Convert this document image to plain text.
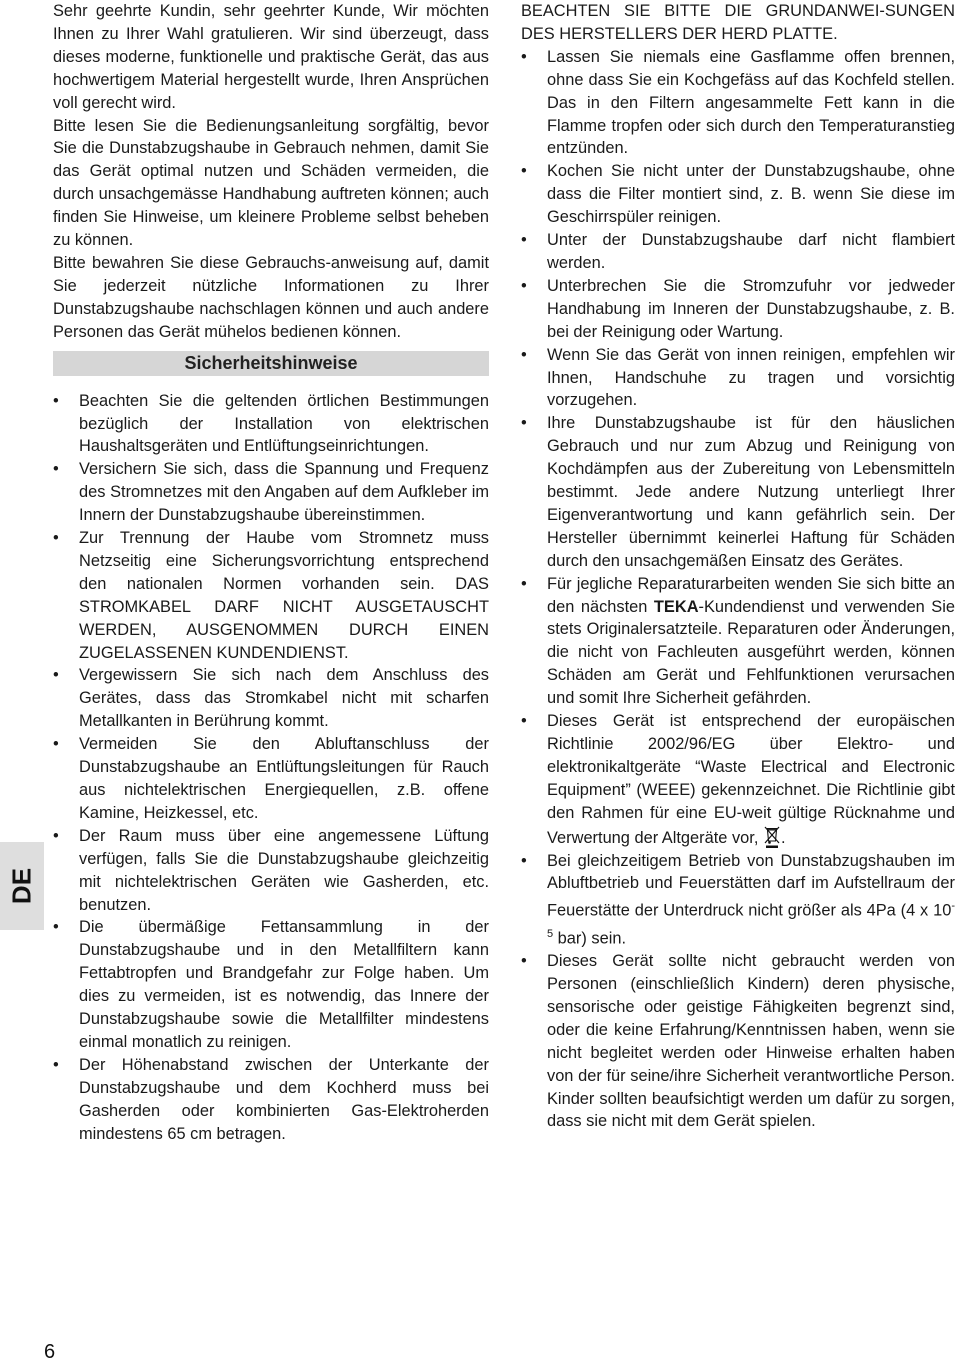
DE
6

Sehr geehrte Kundin, sehr geehrter Kunde, Wir möchten Ihnen zu Ihrer Wahl gratulieren. Wir sind überzeugt, dass dieses moderne, funktionelle und praktische Gerät, das aus hochwertigem Material hergestellt wurde, Ihren Ansprüchen voll gerecht wird.

Bitte lesen Sie die Bedienungsanleitung sorgfältig, bevor Sie die Dunstabzugshaube in Gebrauch nehmen, damit Sie das Gerät optimal nutzen und Schäden vermeiden, die durch unsachgemässe Handhabung auftreten können; auch finden Sie Hinweise, um kleinere Probleme selbst beheben zu können.

Bitte bewahren Sie diese Gebrauchs-anweisung auf, damit Sie jederzeit nützliche Informationen zu Ihrer Dunstabzugshaube nachschlagen können und auch andere Personen das Gerät mühelos bedienen können.

Sicherheitshinweise
• Beachten Sie die geltenden örtlichen Bestimmungen bezüglich der Installation von elektrischen Haushaltsgeräten und Entlüftungseinrichtungen.
• Versichern Sie sich, dass die Spannung und Frequenz des Stromnetzes mit den Angaben auf dem Aufkleber im Innern der Dunstabzugshaube übereinstimmen.
• Zur Trennung der Haube vom Stromnetz muss Netzseitig eine Sicherungsvorrichtung entsprechend den nationalen Normen vorhanden sein. DAS STROMKABEL DARF NICHT AUSGETAUSCHT WERDEN, AUSGENOMMEN DURCH EINEN ZUGELASSENEN KUNDENDIENST.
• Vergewissern Sie sich nach dem Anschluss des Gerätes, dass das Stromkabel nicht mit scharfen Metallkanten in Berührung kommt.
• Vermeiden Sie den Abluftanschluss der Dunstabzugshaube an Entlüftungsleitungen für Rauch aus nichtelektrischen Energiequellen, z.B. offene Kamine, Heizkessel, etc.
• Der Raum muss über eine angemessene Lüftung verfügen, falls Sie die Dunstabzugshaube gleichzeitig mit nichtelektrischen Geräten wie Gasherden, etc. benutzen.
• Die übermäßige Fettansammlung in der Dunstabzugshaube und in den Metallfiltern kann Fettabtropfen und Brandgefahr zur Folge haben. Um dies zu vermeiden, ist es notwendig, das Innere der Dunstabzugshaube sowie die Metallfilter mindestens einmal monatlich zu reinigen.
• Der Höhenabstand zwischen der Unterkante der Dunstabzugshaube und dem Kochherd muss bei Gasherden oder kombinierten Gas-Elektroherden mindestens 65 cm betragen.

BEACHTEN SIE BITTE DIE GRUNDANWEI-SUNGEN DES HERSTELLERS DER HERD PLATTE.

• Lassen Sie niemals eine Gasflamme offen brennen, ohne dass Sie ein Kochgefäss auf das Kochfeld stellen. Das in den Filtern angesammelte Fett kann in die Flamme tropfen oder sich durch den Temperaturanstieg entzünden.
• Kochen Sie nicht unter der Dunstabzugshaube, ohne dass die Filter montiert sind, z. B. wenn Sie diese im Geschirrspüler reinigen.
• Unter der Dunstabzugshaube darf nicht flambiert werden.
• Unterbrechen Sie die Stromzufuhr vor jedweder Handhabung im Inneren der Dunstabzugshaube, z. B. bei der Reinigung oder Wartung.
• Wenn Sie das Gerät von innen reinigen, empfehlen wir Ihnen, Handschuhe zu tragen und vorsichtig vorzugehen.
• Ihre Dunstabzugshaube ist für den häuslichen Gebrauch und nur zum Abzug und Reinigung von Kochdämpfen aus der Zubereitung von Lebensmitteln bestimmt. Jede andere Nutzung unterliegt Ihrer Eigenverantwortung und kann gefährlich sein. Der Hersteller übernimmt keinerlei Haftung für Schäden durch den unsachgemäßen Einsatz des Gerätes.
• Für jegliche Reparaturarbeiten wenden Sie sich bitte an den nächsten TEKA-Kundendienst und verwenden Sie stets Originalersatzteile. Reparaturen oder Änderungen, die nicht von Fachleuten ausgeführt werden, können Schäden am Gerät und Fehlfunktionen verursachen und somit Ihre Sicherheit gefährden.
• Dieses Gerät ist entsprechend der europäischen Richtlinie 2002/96/EG über Elektro- und elektronikaltgeräte “Waste Electrical and Electronic Equipment” (WEEE) gekennzeichnet. Die Richtlinie gibt den Rahmen für eine EU-weit gültige Rücknahme und Verwertung der Altgeräte vor, .
• Bei gleichzeitigem Betrieb von Dunstabzugshauben im Abluftbetrieb und Feuerstätten darf im Aufstellraum der Feuerstätte der Unterdruck nicht größer als 4Pa (4 x $10^{-5}$ bar) sein.
• Dieses Gerät sollte nicht gebraucht werden von Personen (einschließlich Kindern) deren physische, sensorische oder geistige Fähigkeiten begrenzt sind, oder die keine Erfahrung/Kenntnissen haben, wenn sie nicht begleitet werden oder Hinweise erhalten haben von der für seine/ihre Sicherheit verantwortliche Person. Kinder sollten beaufsichtigt werden um dafür zu sorgen, dass sie nicht mit dem Gerät spielen.
